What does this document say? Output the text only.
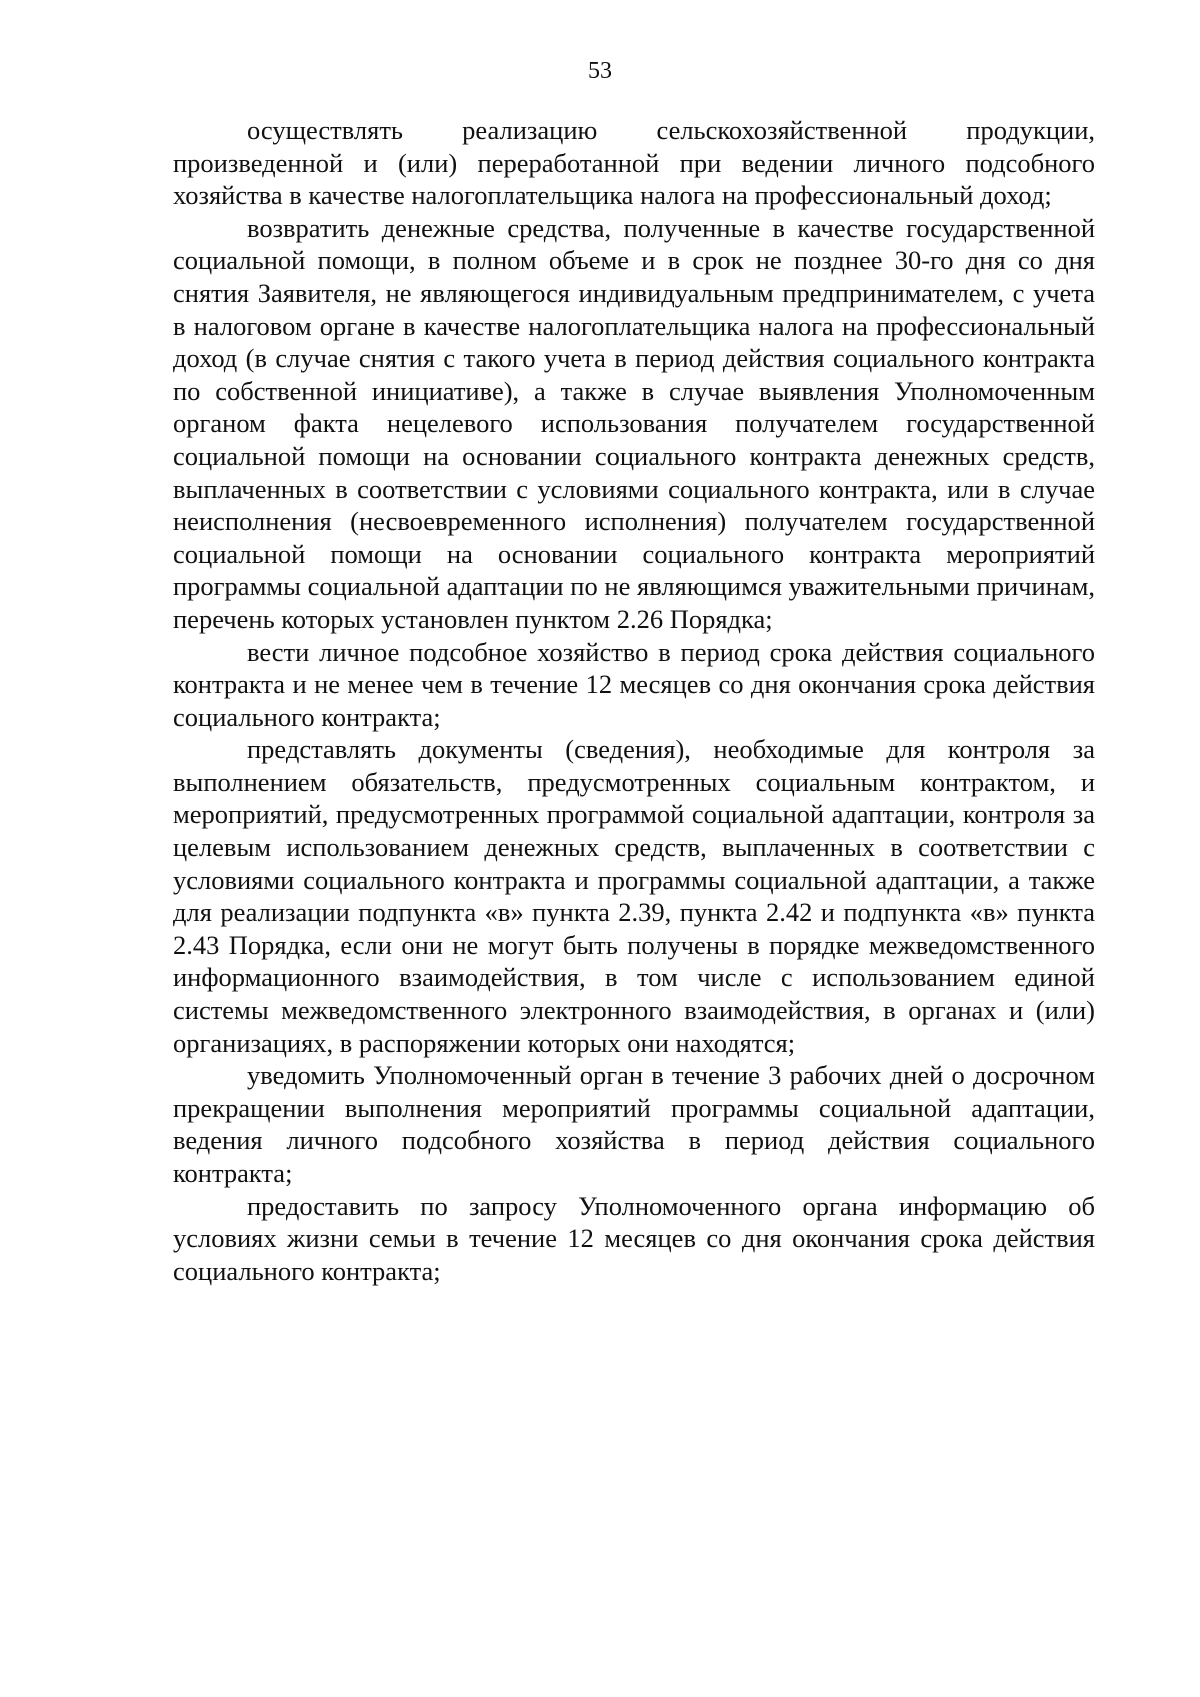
53

осуществлять реализацию сельскохозяйственной продукции, произведенной и (или) переработанной при ведении личного подсобного хозяйства в качестве налогоплательщика налога на профессиональный доход;

возвратить денежные средства, полученные в качестве государственной социальной помощи, в полном объеме и в срок не позднее 30-го дня со дня снятия Заявителя, не являющегося индивидуальным предпринимателем, с учета в налоговом органе в качестве налогоплательщика налога на профессиональный доход (в случае снятия с такого учета в период действия социального контракта по собственной инициативе), а также в случае выявления Уполномоченным органом факта нецелевого использования получателем государственной социальной помощи на основании социального контракта денежных средств, выплаченных в соответствии с условиями социального контракта, или в случае неисполнения (несвоевременного исполнения) получателем государственной социальной помощи на основании социального контракта мероприятий программы социальной адаптации по не являющимся уважительными причинам, перечень которых установлен пунктом 2.26 Порядка;

вести личное подсобное хозяйство в период срока действия социального контракта и не менее чем в течение 12 месяцев со дня окончания срока действия социального контракта;

представлять документы (сведения), необходимые для контроля за выполнением обязательств, предусмотренных социальным контрактом, и мероприятий, предусмотренных программой социальной адаптации, контроля за целевым использованием денежных средств, выплаченных в соответствии с условиями социального контракта и программы социальной адаптации, а также для реализации подпункта «в» пункта 2.39, пункта 2.42 и подпункта «в» пункта 2.43 Порядка, если они не могут быть получены в порядке межведомственного информационного взаимодействия, в том числе с использованием единой системы межведомственного электронного взаимодействия, в органах и (или) организациях, в распоряжении которых они находятся;

уведомить Уполномоченный орган в течение 3 рабочих дней о досрочном прекращении выполнения мероприятий программы социальной адаптации, ведения личного подсобного хозяйства в период действия социального контракта;

предоставить по запросу Уполномоченного органа информацию об условиях жизни семьи в течение 12 месяцев со дня окончания срока действия социального контракта;
